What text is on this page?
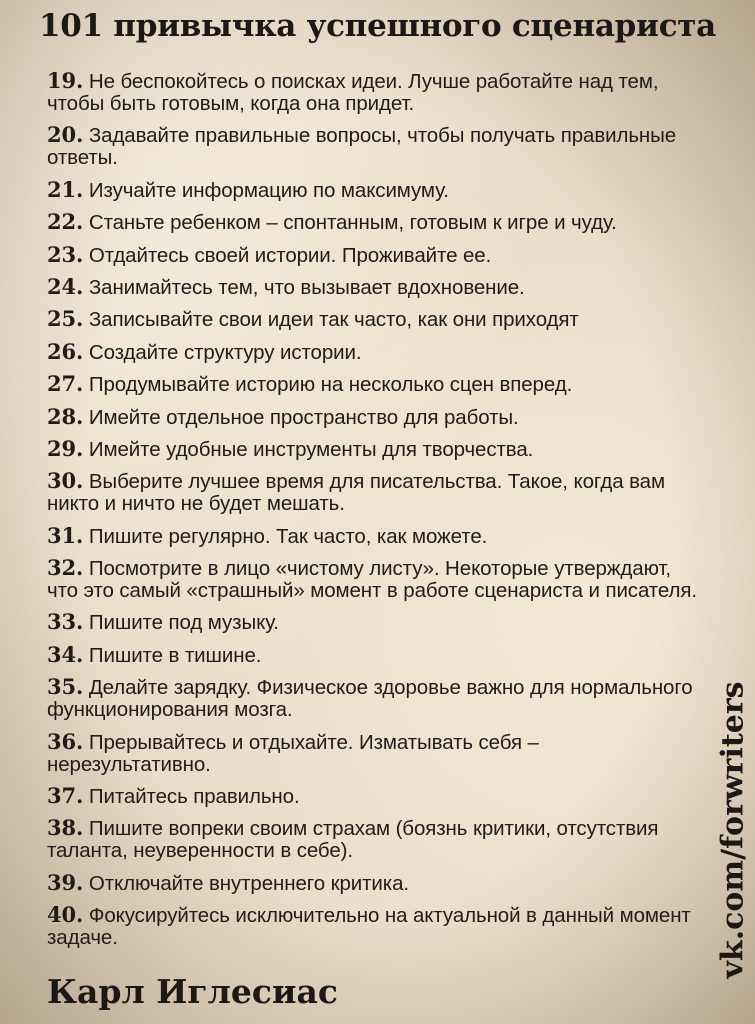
101 привычка успешного сценариста
19. Не беспокойтесь о поисках идеи. Лучше работайте над тем, чтобы быть готовым, когда она придет.
20. Задавайте правильные вопросы, чтобы получать правильные ответы.
21. Изучайте информацию по максимуму.
22. Станьте ребенком – спонтанным, готовым к игре и чуду.
23. Отдайтесь своей истории. Проживайте ее.
24. Занимайтесь тем, что вызывает вдохновение.
25. Записывайте свои идеи так часто, как они приходят
26. Создайте структуру истории.
27. Продумывайте историю на несколько сцен вперед.
28. Имейте отдельное пространство для работы.
29. Имейте удобные инструменты для творчества.
30. Выберите лучшее время для писательства. Такое, когда вам никто и ничто не будет мешать.
31. Пишите регулярно. Так часто, как можете.
32. Посмотрите в лицо «чистому листу». Некоторые утверждают, что это самый «страшный» момент в работе сценариста и писателя.
33. Пишите под музыку.
34. Пишите в тишине.
35. Делайте зарядку. Физическое здоровье важно для нормального функционирования мозга.
36. Прерывайтесь и отдыхайте. Изматывать себя – нерезультативно.
37. Питайтесь правильно.
38. Пишите вопреки своим страхам (боязнь критики, отсутствия таланта, неуверенности в себе).
39. Отключайте внутреннего критика.
40. Фокусируйтесь исключительно на актуальной в данный момент задаче.
Карл Иглесиас
vk.com/forwriters
